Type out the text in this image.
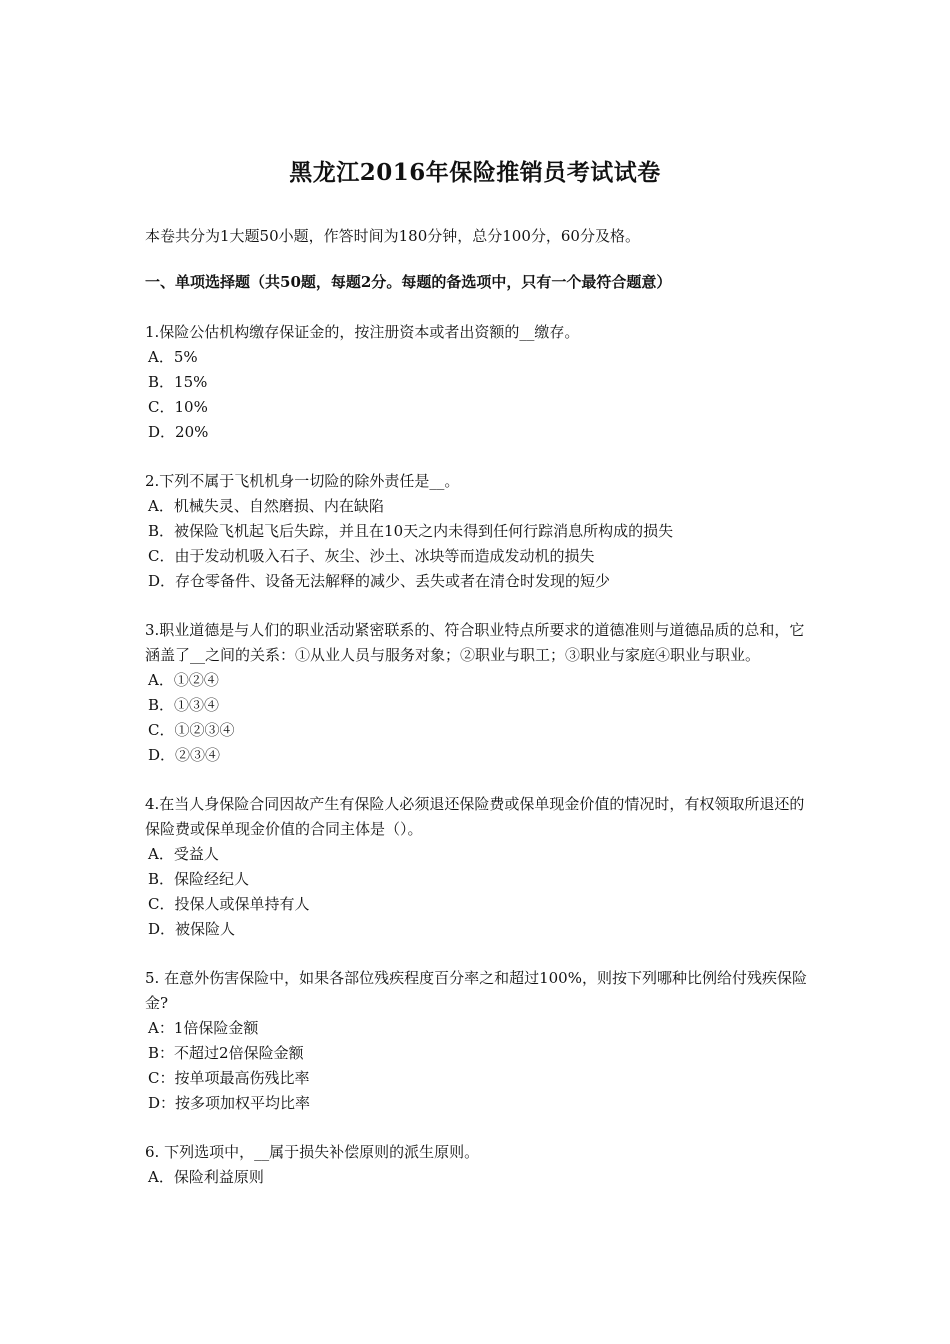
黑龙江2016年保险推销员考试试卷

本卷共分为1大题50小题，作答时间为180分钟，总分100分，60分及格。

一、单项选择题（共50题，每题2分。每题的备选项中，只有一个最符合题意）

1.保险公估机构缴存保证金的，按注册资本或者出资额的__缴存。

A．5%
B．15%
C．10%
D．20%

2.下列不属于飞机机身一切险的除外责任是__。

A．机械失灵、自然磨损、内在缺陷
B．被保险飞机起飞后失踪，并且在10天之内未得到任何行踪消息所构成的损失
C．由于发动机吸入石子、灰尘、沙土、冰块等而造成发动机的损失
D．存仓零备件、设备无法解释的减少、丢失或者在清仓时发现的短少

3.职业道德是与人们的职业活动紧密联系的、符合职业特点所要求的道德准则与道德品质的总和，它涵盖了__之间的关系：①从业人员与服务对象；②职业与职工；③职业与家庭④职业与职业。

A．①②④
B．①③④
C．①②③④
D．②③④

4.在当人身保险合同因故产生有保险人必须退还保险费或保单现金价值的情况时，有权领取所退还的保险费或保单现金价值的合同主体是（）。

A．受益人
B．保险经纪人
C．投保人或保单持有人
D．被保险人

5. 在意外伤害保险中，如果各部位残疾程度百分率之和超过100%，则按下列哪种比例给付残疾保险金?

A：1倍保险金额
B：不超过2倍保险金额
C：按单项最高伤残比率
D：按多项加权平均比率

6. 下列选项中，__属于损失补偿原则的派生原则。

A．保险利益原则
